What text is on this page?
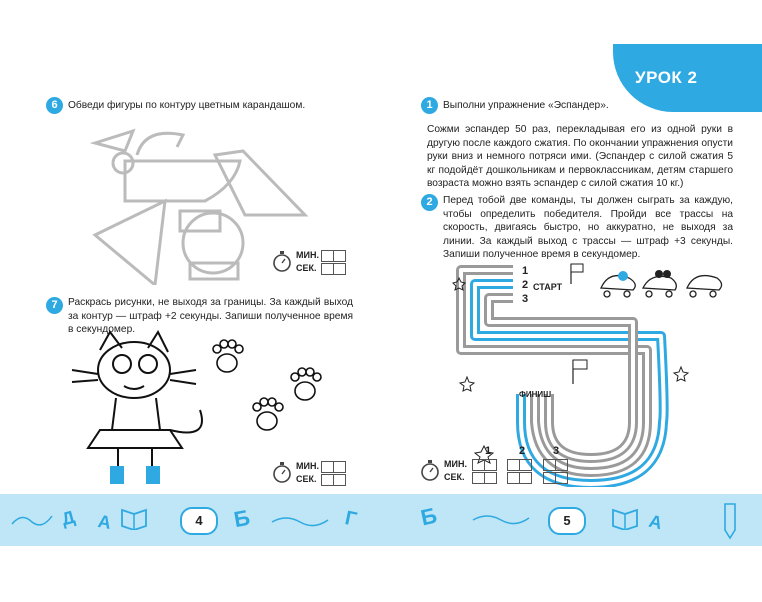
6	Обведи фигуры по контуру цветным карандашом.
МИН.
СЕК.
7	Раскрась рисунки, не выходя за границы. За каждый выход за контур — штраф +2 секунды. Запиши полученное время в секундомер.
МИН.
СЕК.
Д А	Б	Г
4
УРОК 2
1	Выполни упражнение «Эспандер».
Сожми эспандер 50 раз, перекладывая его из одной руки в другую после каждого сжатия. По окончании упражнения опусти руки вниз и немного потряси ими. (Эспандер с силой сжатия 5 кг подойдёт дошкольникам и первоклассникам, детям старшего возраста можно взять эспандер с силой сжатия 10 кг.)
2	Перед тобой две команды, ты должен сыграть за каждую, чтобы определить победителя. Пройди все трассы на скорость, двигаясь быстро, но аккуратно, не выходя за линии. За каждый выход с трассы — штраф +3 секунды. Запиши полученное время в секундомер.
1
2
3
СТАРТ
ФИНИШ
1	2	3
МИН.
СЕК.
Б	А
5
